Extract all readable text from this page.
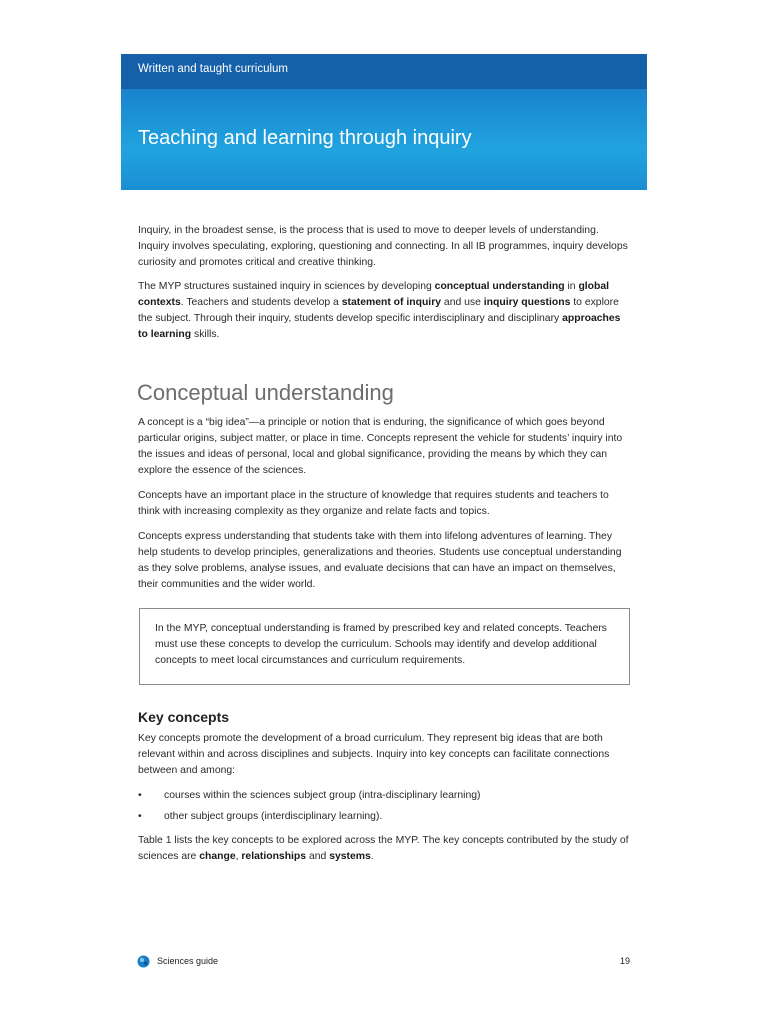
Written and taught curriculum
Teaching and learning through inquiry

Inquiry, in the broadest sense, is the process that is used to move to deeper levels of understanding. Inquiry involves speculating, exploring, questioning and connecting. In all IB programmes, inquiry develops curiosity and promotes critical and creative thinking.

The MYP structures sustained inquiry in sciences by developing conceptual understanding in global contexts. Teachers and students develop a statement of inquiry and use inquiry questions to explore the subject. Through their inquiry, students develop specific interdisciplinary and disciplinary approaches to learning skills.

Conceptual understanding

A concept is a “big idea”—a principle or notion that is enduring, the significance of which goes beyond particular origins, subject matter, or place in time. Concepts represent the vehicle for students’ inquiry into the issues and ideas of personal, local and global significance, providing the means by which they can explore the essence of the sciences.

Concepts have an important place in the structure of knowledge that requires students and teachers to think with increasing complexity as they organize and relate facts and topics.

Concepts express understanding that students take with them into lifelong adventures of learning. They help students to develop principles, generalizations and theories. Students use conceptual understanding as they solve problems, analyse issues, and evaluate decisions that can have an impact on themselves, their communities and the wider world.

In the MYP, conceptual understanding is framed by prescribed key and related concepts. Teachers must use these concepts to develop the curriculum. Schools may identify and develop additional concepts to meet local circumstances and curriculum requirements.

Key concepts

Key concepts promote the development of a broad curriculum. They represent big ideas that are both relevant within and across disciplines and subjects. Inquiry into key concepts can facilitate connections between and among:

• courses within the sciences subject group (intra-disciplinary learning)
• other subject groups (interdisciplinary learning).

Table 1 lists the key concepts to be explored across the MYP. The key concepts contributed by the study of sciences are change, relationships and systems.

Sciences guide	19
